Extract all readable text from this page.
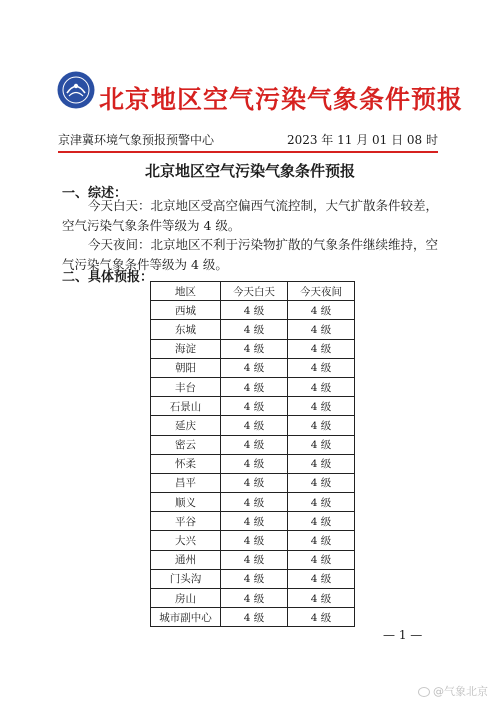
北京地区空气污染气象条件预报
京津冀环境气象预报预警中心	2023 年 11 月 01 日 08 时
北京地区空气污染气象条件预报
一、综述：
今天白天：北京地区受高空偏西气流控制，大气扩散条件较差，空气污染气象条件等级为 4 级。
今天夜间：北京地区不利于污染物扩散的气象条件继续维持，空气污染气象条件等级为 4 级。
二、具体预报：
地区	今天白天	今天夜间
西城	4 级	4 级
东城	4 级	4 级
海淀	4 级	4 级
朝阳	4 级	4 级
丰台	4 级	4 级
石景山	4 级	4 级
延庆	4 级	4 级
密云	4 级	4 级
怀柔	4 级	4 级
昌平	4 级	4 级
顺义	4 级	4 级
平谷	4 级	4 级
大兴	4 级	4 级
通州	4 级	4 级
门头沟	4 级	4 级
房山	4 级	4 级
城市副中心	4 级	4 级
— 1 —
@气象北京
